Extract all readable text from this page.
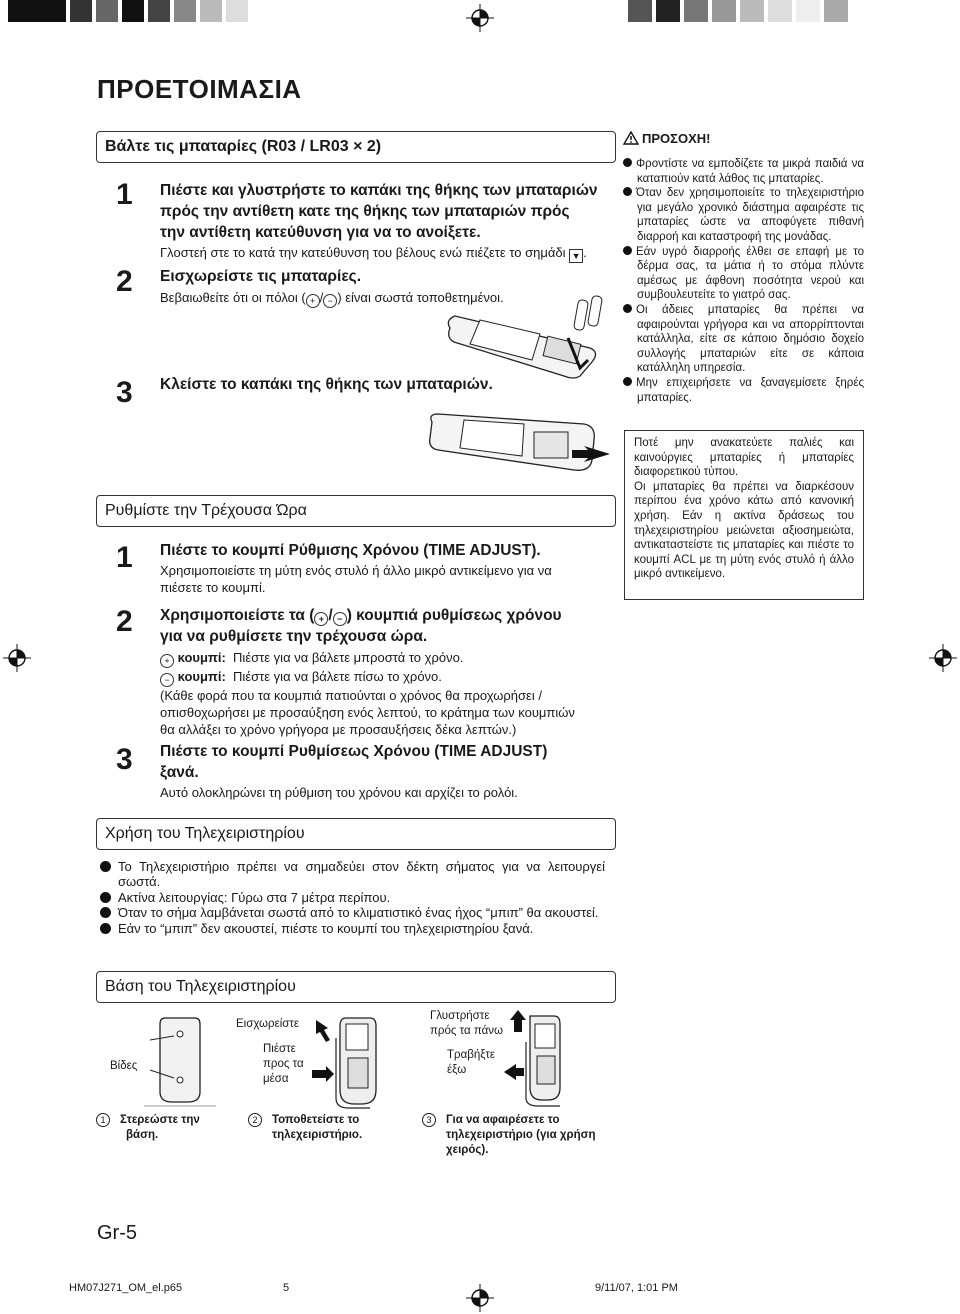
ΠΡΟΕΤΟΙΜΑΣΙΑ
Βάλτε τις μπαταρίες (R03 / LR03 × 2)
1 Πιέστε και γλυστρήστε το καπάκι της θήκης των μπαταριών
πρός την αντίθετη κατε της θήκης των μπαταριών πρός
την αντίθετη κατεύθυνση για να το ανοίξετε.
Γλοστεή στε το κατά την κατεύθυνση του βέλους ενώ πιέζετε το σημάδι ▼ .
2 Εισχωρείστε τις μπαταρίες.
Βεβαιωθείτε ότι οι πόλοι ( + / − ) είναι σωστά τοποθετημένοι.
3 Κλείστε το καπάκι της θήκης των μπαταριών.
ΠΡΟΣΟΧΗ!
Φροντίστε να εμποδίζετε τα μικρά παιδιά να καταπιούν κατά λάθος τις μπαταρίες.
Όταν δεν χρησιμοποιείτε το τηλεχειριστήριο για μεγάλο χρονικό διάστημα αφαιρέστε τις μπαταρίες ώστε να αποφύγετε πιθανή διαρροή και καταστροφή της μονάδας.
Εάν υγρό διαρροής έλθει σε επαφή με το δέρμα σας, τα μάτια ή το στόμα πλύντε αμέσως με άφθονη ποσότητα νερού και συμβουλευτείτε το γιατρό σας.
Οι άδειες μπαταρίες θα πρέπει να αφαιρούνται γρήγορα και να απορρίπτονται κατάλληλα, είτε σε κάποιο δημόσιο δοχείο συλλογής μπαταριών είτε σε κάποια κατάλληλη υπηρεσία.
Μην επιχειρήσετε να ξαναγεμίσετε ξηρές μπαταρίες.
Ποτέ μην ανακατεύετε παλιές και καινούργιες μπαταρίες ή μπαταρίες διαφορετικού τύπου.
Οι μπαταρίες θα πρέπει να διαρκέσουν περίπου ένα χρόνο κάτω από κανονική χρήση. Εάν η ακτίνα δράσεως του τηλεχειριστηρίου μειώνεται αξιοσημειώτα, αντικαταστείστε τις μπαταρίες και πιέστε το κουμπί ACL με τη μύτη ενός στυλό ή άλλο μικρό αντικείμενο.
Ρυθμίστε την Τρέχουσα Ώρα
1 Πιέστε το κουμπί Ρύθμισης Χρόνου (TIME ADJUST).
Χρησιμοποιείστε τη μύτη ενός στυλό ή άλλο μικρό αντικείμενο για να
πιέσετε το κουμπί.
2 Χρησιμοποιείστε τα ( + / − ) κουμπιά ρυθμίσεως χρόνου
για να ρυθμίσετε την τρέχουσα ώρα.
+ κουμπί: Πιέστε για να βάλετε μπροστά το χρόνο.
− κουμπί: Πιέστε για να βάλετε πίσω το χρόνο.
(Κάθε φορά που τα κουμπιά πατιούνται ο χρόνος θα προχωρήσει /
οπισθοχωρήσει με προσαύξηση ενός λεπτού, το κράτημα των κουμπιών
θα αλλάξει το χρόνο γρήγορα με προσαυξήσεις δέκα λεπτών.)
3 Πιέστε το κουμπί Ρυθμίσεως Χρόνου (TIME ADJUST)
ξανά.
Αυτό ολοκληρώνει τη ρύθμιση του χρόνου και αρχίζει το ρολόι.
Χρήση του Τηλεχειριστηρίου

Το Τηλεχειριστήριο πρέπει να σημαδεύει στον δέκτη σήματος για να λειτουργεί σωστά.

Ακτίνα λειτουργίας: Γύρω στα 7 μέτρα περίπου.

Όταν το σήμα λαμβάνεται σωστά από το κλιματιστικό ένας ήχος “μπιπ” θα ακουστεί.

Εάν το “μπιπ” δεν ακουστεί, πιέστε το κουμπί του τηλεχειριστηρίου ξανά.

Βάση του Τηλεχειριστηρίου
Βίδες
Εισχωρείστε
Πιέστε
προς τα
μέσα
Γλυστρήστε
πρός τα πάνω
Τραβήξτε
έξω
1 Στερεώστε την
βάση.
2 Τοποθετείστε το
τηλεχειριστήριο.
3 Για να αφαιρέσετε το
τηλεχειριστήριο (για χρήση
χειρός).
Gr-5
HM07J271_OM_el.p65	5	9/11/07, 1:01 PM
